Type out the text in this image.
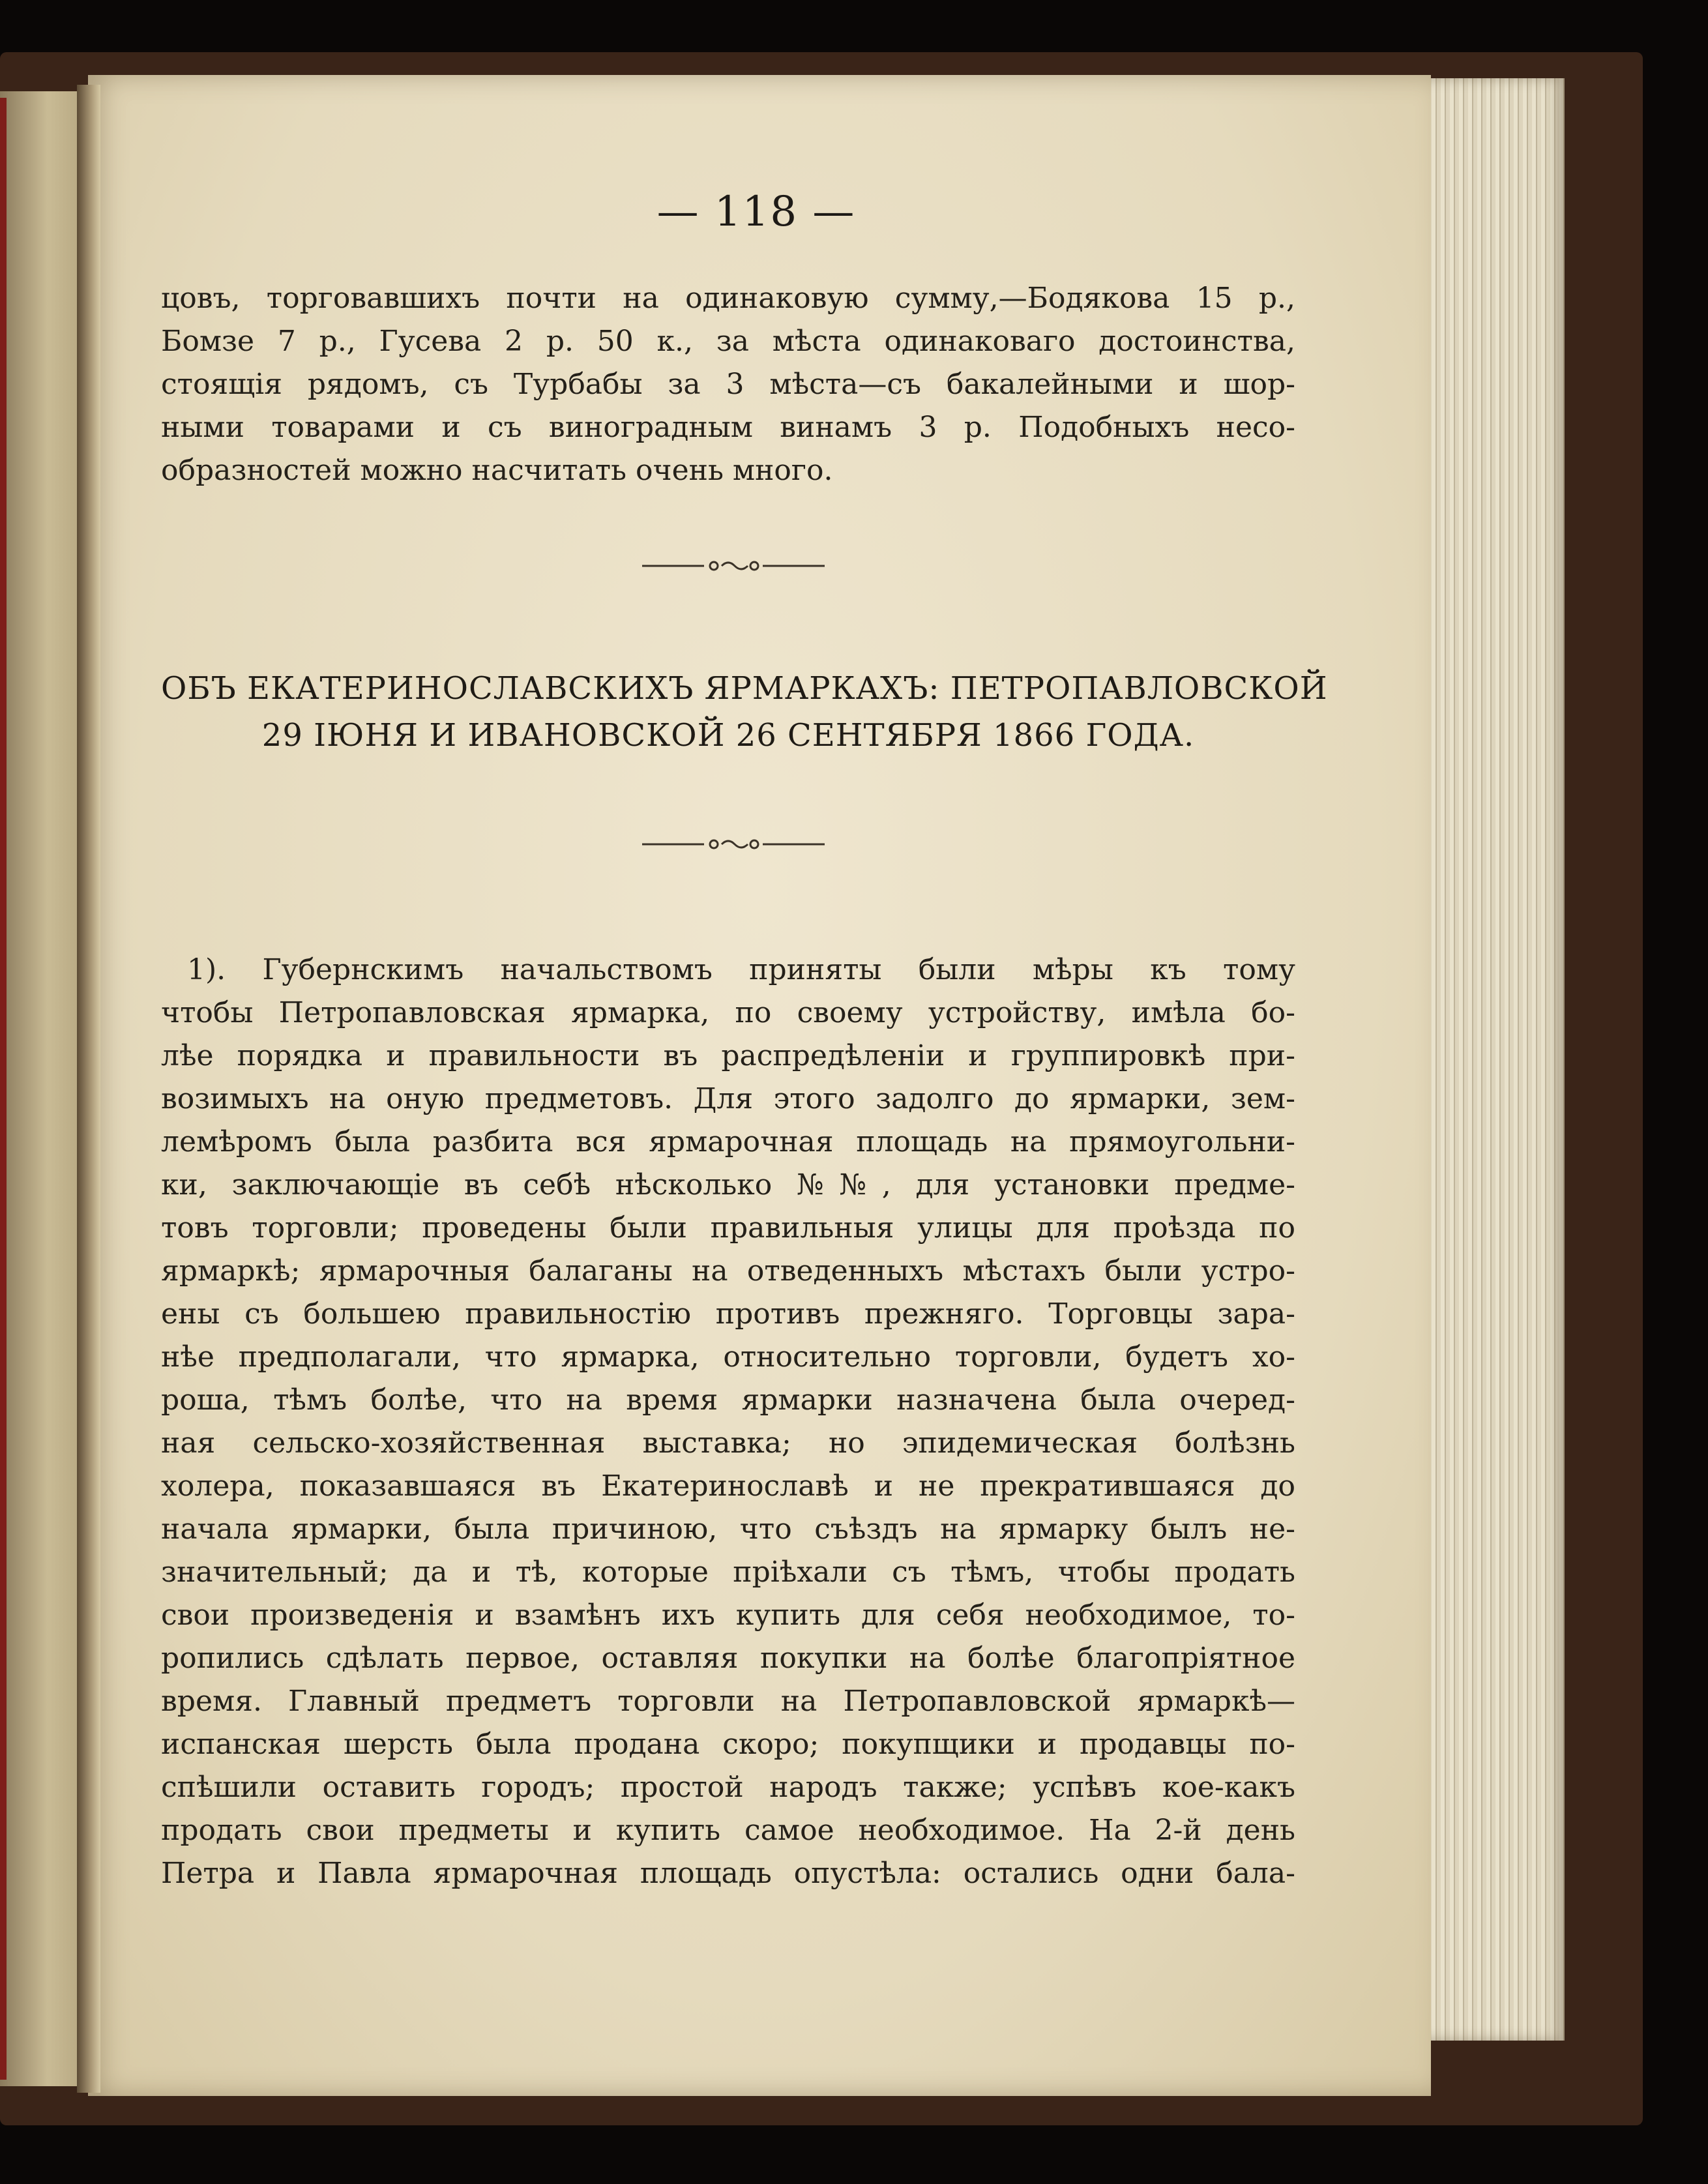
— 118 —
цовъ, торговавшихъ почти на одинаковую сумму,—Бодякова 15 р.,
Бомзе 7 р., Гусева 2 р. 50 к., за мѣста одинаковаго достоинства,
стоящія рядомъ, съ Турбабы за 3 мѣста—съ бакалейными и шор-
ными товарами и съ виноградным винамъ 3 р. Подобныхъ несо-
образностей можно насчитать очень много.
ОБЪ ЕКАТЕРИНОСЛАВСКИХЪ ЯРМАРКАХЪ: ПЕТРОПАВЛОВСКОЙ
29 ІЮНЯ И ИВАНОВСКОЙ 26 СЕНТЯБРЯ 1866 ГОДА.
1). Губернскимъ начальствомъ приняты были мѣры къ тому
чтобы Петропавловская ярмарка, по своему устройству, имѣла бо-
лѣе порядка и правильности въ распредѣленіи и группировкѣ при-
возимыхъ на оную предметовъ. Для этого задолго до ярмарки, зем-
лемѣромъ была разбита вся ярмарочная площадь на прямоугольни-
ки, заключающіе въ себѣ нѣсколько №№, для установки предме-
товъ торговли; проведены были правильныя улицы для проѣзда по
ярмаркѣ; ярмарочныя балаганы на отведенныхъ мѣстахъ были устро-
ены съ большею правильностію противъ прежняго. Торговцы зара-
нѣе предполагали, что ярмарка, относительно торговли, будетъ хо-
роша, тѣмъ болѣе, что на время ярмарки назначена была очеред-
ная сельско-хозяйственная выставка; но эпидемическая болѣзнь
холера, показавшаяся въ Екатеринославѣ и не прекратившаяся до
начала ярмарки, была причиною, что съѣздъ на ярмарку былъ не-
значительный; да и тѣ, которые пріѣхали съ тѣмъ, чтобы продать
свои произведенія и взамѣнъ ихъ купить для себя необходимое, то-
ропились сдѣлать первое, оставляя покупки на болѣе благопріятное
время. Главный предметъ торговли на Петропавловской ярмаркѣ—
испанская шерсть была продана скоро; покупщики и продавцы по-
спѣшили оставить городъ; простой народъ также; успѣвъ кое-какъ
продать свои предметы и купить самое необходимое. На 2-й день
Петра и Павла ярмарочная площадь опустѣла: остались одни бала-
